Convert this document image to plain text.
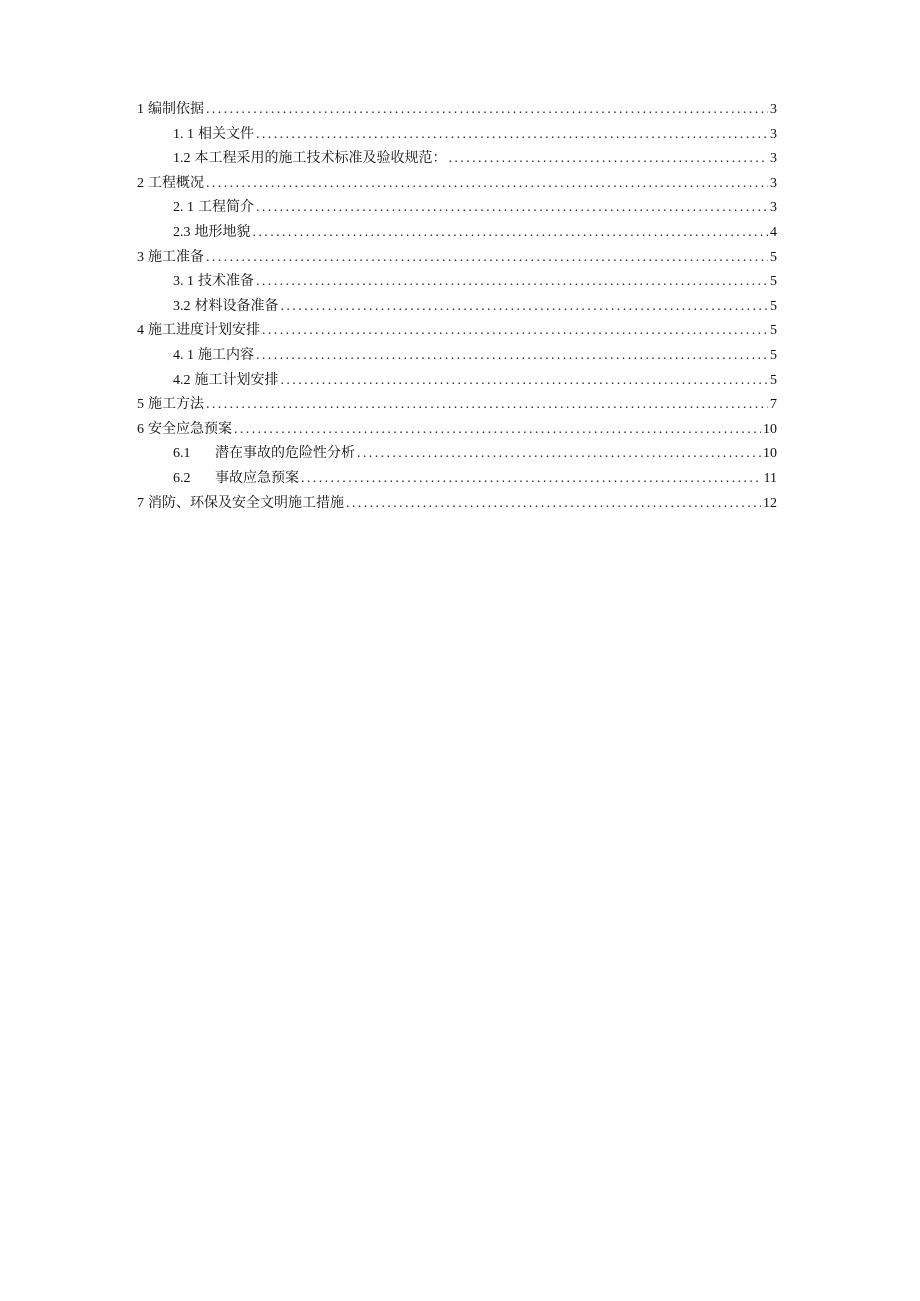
1 编制依据 .....	3
1. 1 相关文件 .....	3
1.2 本工程采用的施工技术标准及验收规范： .....	3
2 工程概况 .....	3
2. 1 工程简介 .....	3
2.3 地形地貌 .....	4
3 施工准备 .....	5
3. 1 技术准备 .....	5
3.2 材料设备准备 .....	5
4 施工进度计划安排 .....	5
4. 1 施工内容 .....	5
4.2 施工计划安排 .....	5
5 施工方法 .....	7
6 安全应急预案 .....	10
6.1	潜在事故的危险性分析 .....	10
6.2	事故应急预案 .....	11
7 消防、环保及安全文明施工措施 .....	12
